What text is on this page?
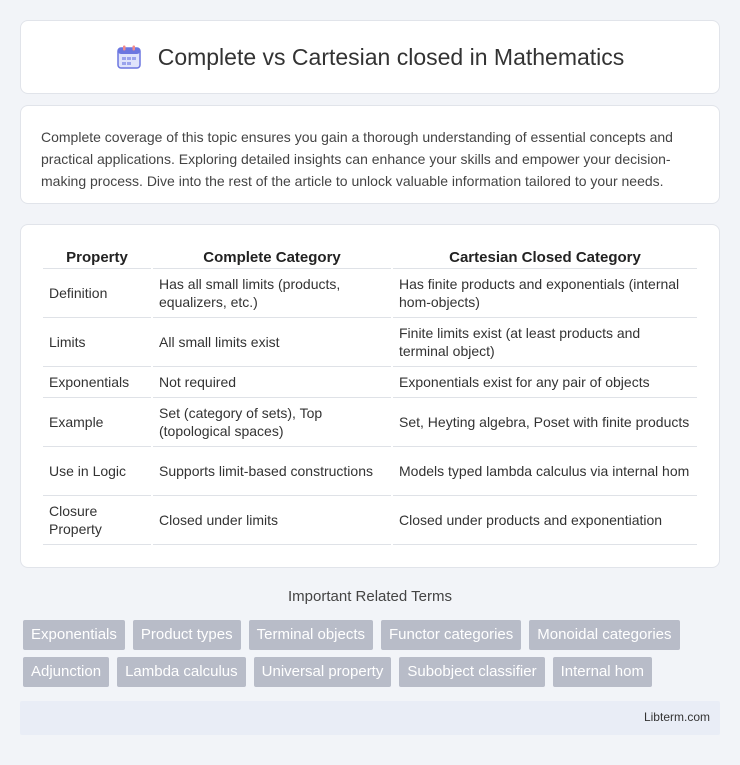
Complete vs Cartesian closed in Mathematics

Complete coverage of this topic ensures you gain a thorough understanding of essential concepts and practical applications. Exploring detailed insights can enhance your skills and empower your decision-making process. Dive into the rest of the article to unlock valuable information tailored to your needs.

Property	Complete Category	Cartesian Closed Category
Definition	Has all small limits (products, equalizers, etc.)	Has finite products and exponentials (internal hom-objects)
Limits	All small limits exist	Finite limits exist (at least products and terminal object)
Exponentials	Not required	Exponentials exist for any pair of objects
Example	Set (category of sets), Top (topological spaces)	Set, Heyting algebra, Poset with finite products
Use in Logic	Supports limit-based constructions	Models typed lambda calculus via internal hom
Closure Property	Closed under limits	Closed under products and exponentiation
Important Related Terms
Exponentials	Product types	Terminal objects	Functor categories	Monoidal categories
Adjunction	Lambda calculus	Universal property	Subobject classifier	Internal hom
Libterm.com
